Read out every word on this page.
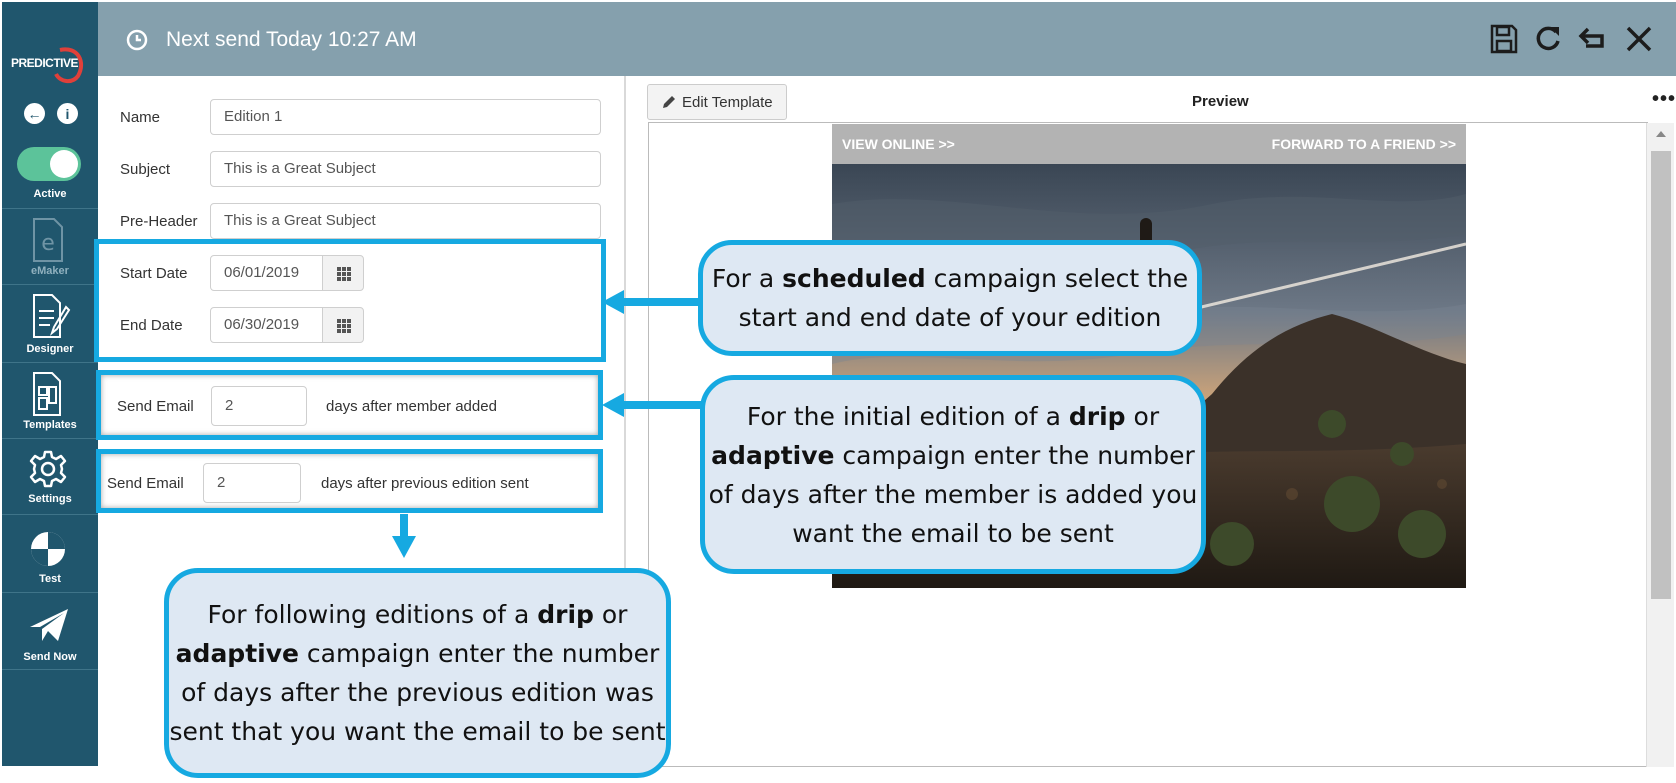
PREDICTIVE
←	i
Active
e
eMaker
Designer
Templates
Settings
Test
Send Now
Next send Today 10:27 AM
Name	Edition 1
Subject	This is a Great Subject
Pre-Header	This is a Great Subject
Start Date	06/01/2019
End Date	06/30/2019
Send Email	2	days after member added
Send Email	2	days after previous edition sent
Edit Template	Preview	•••
VIEW ONLINE >>	FORWARD TO A FRIEND >>
For a scheduled campaign select the start and end date of your edition
For the initial edition of a drip or adaptive campaign enter the number of days after the member is added you want the email to be sent
For following editions of a drip or adaptive campaign enter the number of days after the previous edition was sent that you want the email to be sent
